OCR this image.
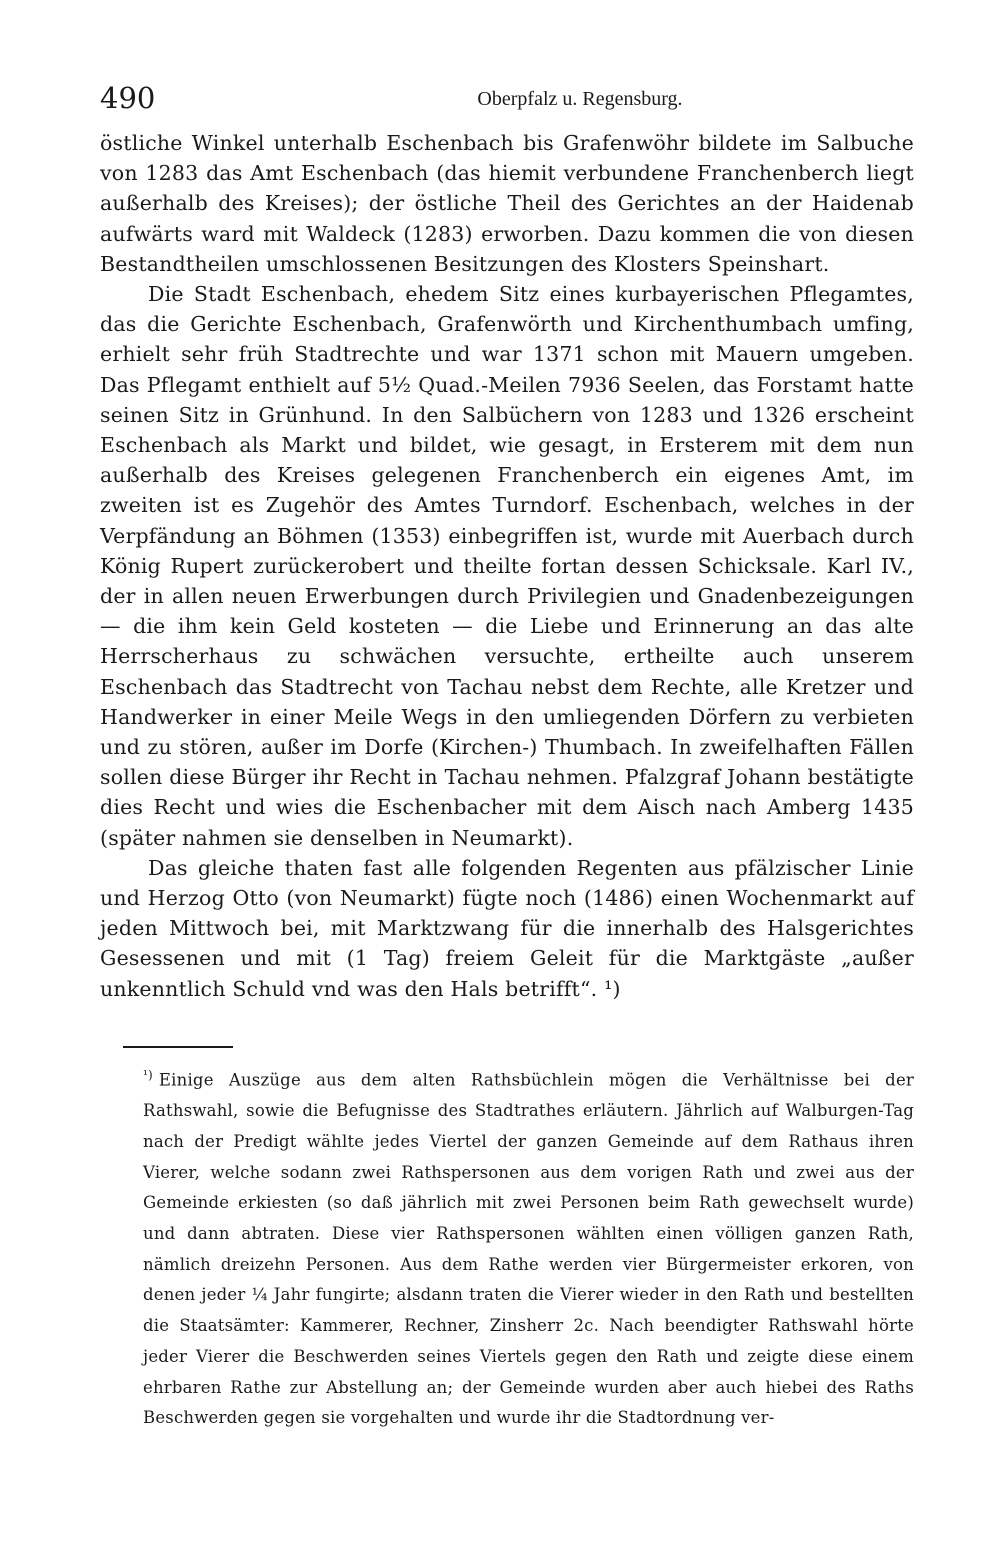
490	Oberpfalz u. Regensburg.

östliche Winkel unterhalb Eschenbach bis Grafenwöhr bildete im Salbuche von 1283 das Amt Eschenbach (das hiemit verbundene Franchenberch liegt außerhalb des Kreises); der östliche Theil des Gerichtes an der Haidenab aufwärts ward mit Waldeck (1283) erworben. Dazu kommen die von diesen Bestandtheilen umschlossenen Besitzungen des Klosters Speinshart.

Die Stadt Eschenbach, ehedem Sitz eines kurbayerischen Pflegamtes, das die Gerichte Eschenbach, Grafenwörth und Kirchenthumbach umfing, erhielt sehr früh Stadtrechte und war 1371 schon mit Mauern umgeben. Das Pflegamt enthielt auf 5½ Quad.-Meilen 7936 Seelen, das Forstamt hatte seinen Sitz in Grünhund. In den Salbüchern von 1283 und 1326 erscheint Eschenbach als Markt und bildet, wie gesagt, in Ersterem mit dem nun außerhalb des Kreises gelegenen Franchenberch ein eigenes Amt, im zweiten ist es Zugehör des Amtes Turndorf. Eschenbach, welches in der Verpfändung an Böhmen (1353) einbegriffen ist, wurde mit Auerbach durch König Rupert zurückerobert und theilte fortan dessen Schicksale. Karl IV., der in allen neuen Erwerbungen durch Privilegien und Gnadenbezeigungen — die ihm kein Geld kosteten — die Liebe und Erinnerung an das alte Herrscherhaus zu schwächen versuchte, ertheilte auch unserem Eschenbach das Stadtrecht von Tachau nebst dem Rechte, alle Kretzer und Handwerker in einer Meile Wegs in den umliegenden Dörfern zu verbieten und zu stören, außer im Dorfe (Kirchen-) Thumbach. In zweifelhaften Fällen sollen diese Bürger ihr Recht in Tachau nehmen. Pfalzgraf Johann bestätigte dies Recht und wies die Eschenbacher mit dem Aisch nach Amberg 1435 (später nahmen sie denselben in Neumarkt).

Das gleiche thaten fast alle folgenden Regenten aus pfälzischer Linie und Herzog Otto (von Neumarkt) fügte noch (1486) einen Wochenmarkt auf jeden Mittwoch bei, mit Marktzwang für die innerhalb des Halsgerichtes Gesessenen und mit (1 Tag) freiem Geleit für die Marktgäste „außer unkenntlich Schuld vnd was den Hals betrifft“. ¹)

$^{^1)}$ Einige Auszüge aus dem alten Rathsbüchlein mögen die Verhältnisse bei der Rathswahl, sowie die Befugnisse des Stadtrathes erläutern. Jährlich auf Walburgen-Tag nach der Predigt wählte jedes Viertel der ganzen Gemeinde auf dem Rathaus ihren Vierer, welche sodann zwei Rathspersonen aus dem vorigen Rath und zwei aus der Gemeinde erkiesten (so daß jährlich mit zwei Personen beim Rath gewechselt wurde) und dann abtraten. Diese vier Rathspersonen wählten einen völligen ganzen Rath, nämlich dreizehn Personen. Aus dem Rathe werden vier Bürgermeister erkoren, von denen jeder ¼ Jahr fungirte; alsdann traten die Vierer wieder in den Rath und bestellten die Staatsämter: Kammerer, Rechner, Zinsherr 2c. Nach beendigter Rathswahl hörte jeder Vierer die Beschwerden seines Viertels gegen den Rath und zeigte diese einem ehrbaren Rathe zur Abstellung an; der Gemeinde wurden aber auch hiebei des Raths Beschwerden gegen sie vorgehalten und wurde ihr die Stadtordnung ver-
